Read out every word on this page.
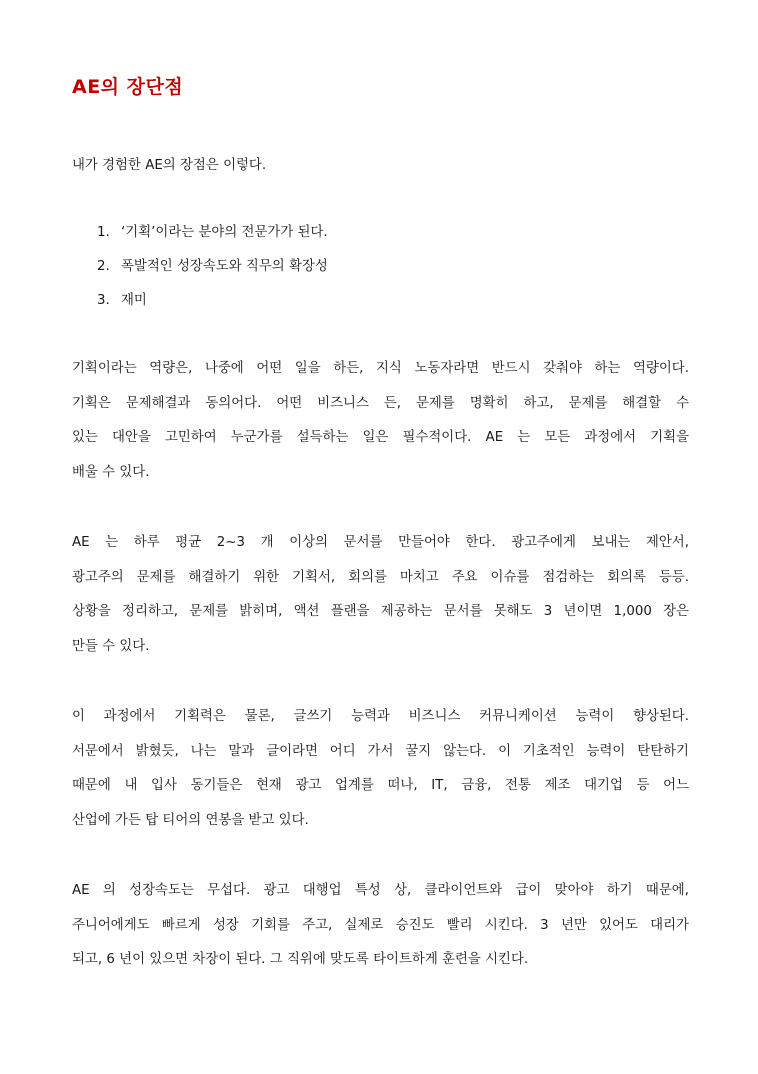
AE의 장단점
내가 경험한 AE의 장점은 이렇다.
1. ‘기획’이라는 분야의 전문가가 된다.
2. 폭발적인 성장속도와 직무의 확장성
3. 재미
기획이라는 역량은, 나중에 어떤 일을 하든, 지식 노동자라면 반드시 갖춰야 하는 역량이다.
기획은 문제해결과 동의어다. 어떤 비즈니스 든, 문제를 명확히 하고, 문제를 해결할 수
있는 대안을 고민하여 누군가를 설득하는 일은 필수적이다. AE 는 모든 과정에서 기획을
배울 수 있다.
AE 는 하루 평균 2~3 개 이상의 문서를 만들어야 한다. 광고주에게 보내는 제안서,
광고주의 문제를 해결하기 위한 기획서, 회의를 마치고 주요 이슈를 점검하는 회의록 등등.
상황을 정리하고, 문제를 밝히며, 액션 플랜을 제공하는 문서를 못해도 3 년이면 1,000 장은
만들 수 있다.
이 과정에서 기획력은 물론, 글쓰기 능력과 비즈니스 커뮤니케이션 능력이 향상된다.
서문에서 밝혔듯, 나는 말과 글이라면 어디 가서 꿀지 않는다. 이 기초적인 능력이 탄탄하기
때문에 내 입사 동기들은 현재 광고 업계를 떠나, IT, 금융, 전통 제조 대기업 등 어느
산업에 가든 탑 티어의 연봉을 받고 있다.
AE 의 성장속도는 무섭다. 광고 대행업 특성 상, 클라이언트와 급이 맞아야 하기 때문에,
주니어에게도 빠르게 성장 기회를 주고, 실제로 승진도 빨리 시킨다. 3 년만 있어도 대리가
되고, 6 년이 있으면 차장이 된다. 그 직위에 맞도록 타이트하게 훈련을 시킨다.
